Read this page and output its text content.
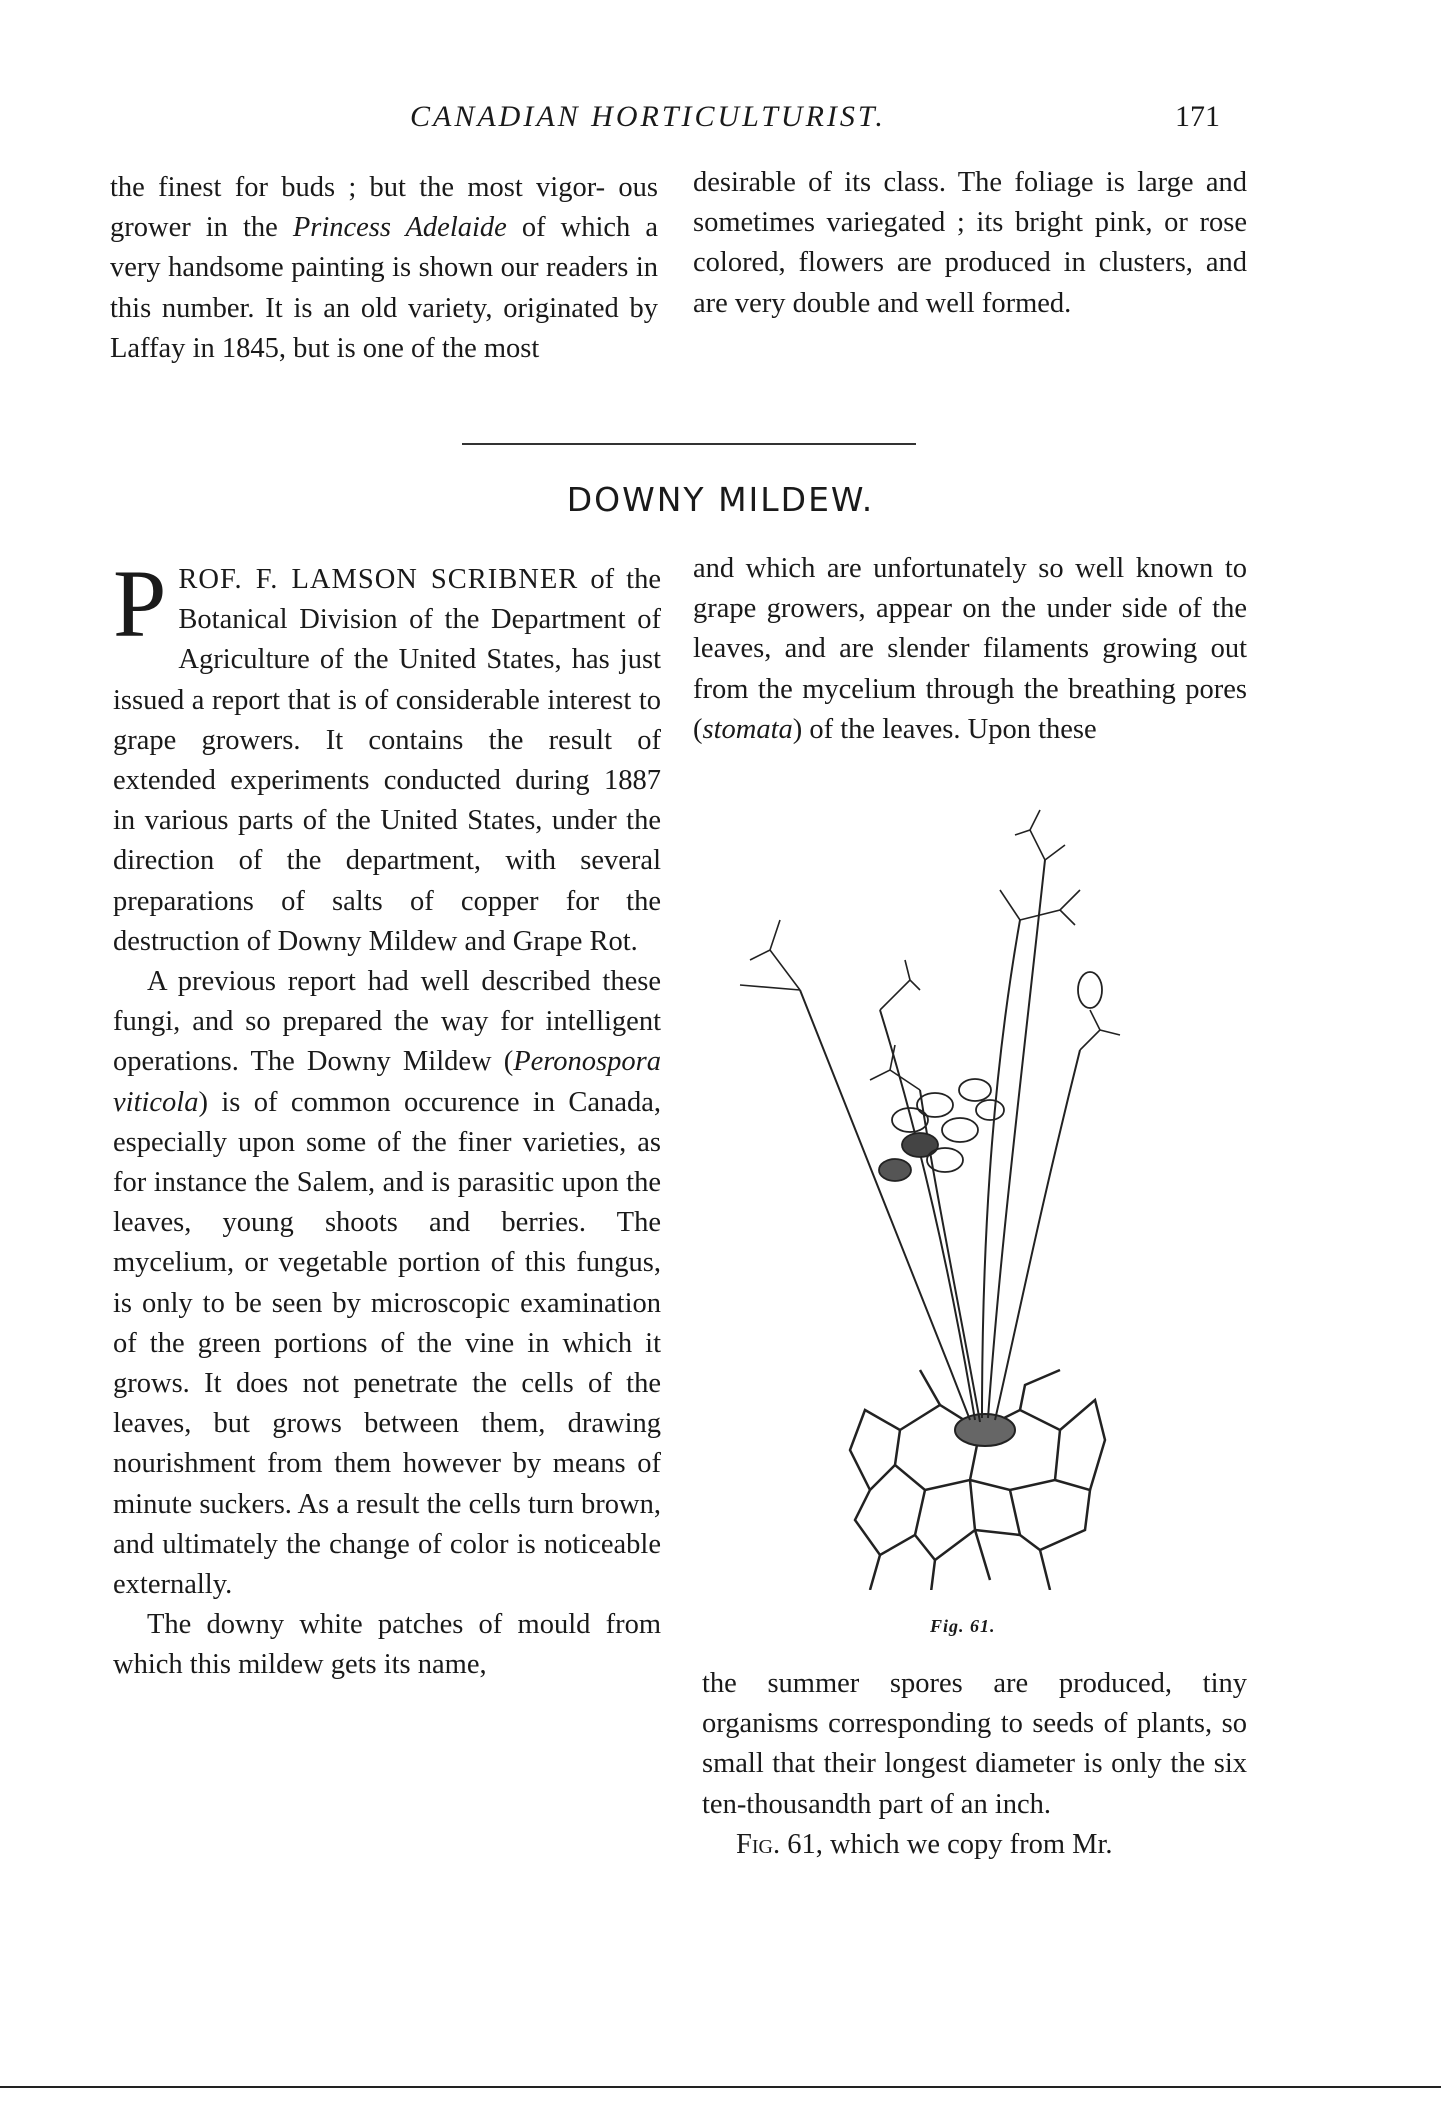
CANADIAN HORTICULTURIST.	171

the finest for buds ; but the most vigor- ous grower in the Princess Adelaide of which a very handsome painting is shown our readers in this number. It is an old variety, originated by Laffay in 1845, but is one of the most

desirable of its class. The foliage is large and sometimes variegated ; its bright pink, or rose colored, flowers are produced in clusters, and are very double and well formed.

DOWNY MILDEW.

PROF. F. LAMSON SCRIBNER of the Botanical Division of the Department of Agriculture of the United States, has just issued a report that is of considerable interest to grape growers. It contains the result of extended experiments conducted during 1887 in various parts of the United States, under the direction of the department, with several preparations of salts of copper for the destruction of Downy Mildew and Grape Rot.

A previous report had well described these fungi, and so prepared the way for intelligent operations. The Downy Mildew (Peronospora viticola) is of common occurence in Canada, especially upon some of the finer varieties, as for instance the Salem, and is parasitic upon the leaves, young shoots and berries. The mycelium, or vegetable portion of this fungus, is only to be seen by microscopic examination of the green portions of the vine in which it grows. It does not penetrate the cells of the leaves, but grows between them, drawing nourishment from them however by means of minute suckers. As a result the cells turn brown, and ultimately the change of color is noticeable externally.

The downy white patches of mould from which this mildew gets its name,

and which are unfortunately so well known to grape growers, appear on the under side of the leaves, and are slender filaments growing out from the mycelium through the breathing pores (stomata) of the leaves. Upon these

Fig. 61.

the summer spores are produced, tiny organisms corresponding to seeds of plants, so small that their longest diameter is only the six ten-thousandth part of an inch.

Fig. 61, which we copy from Mr.
